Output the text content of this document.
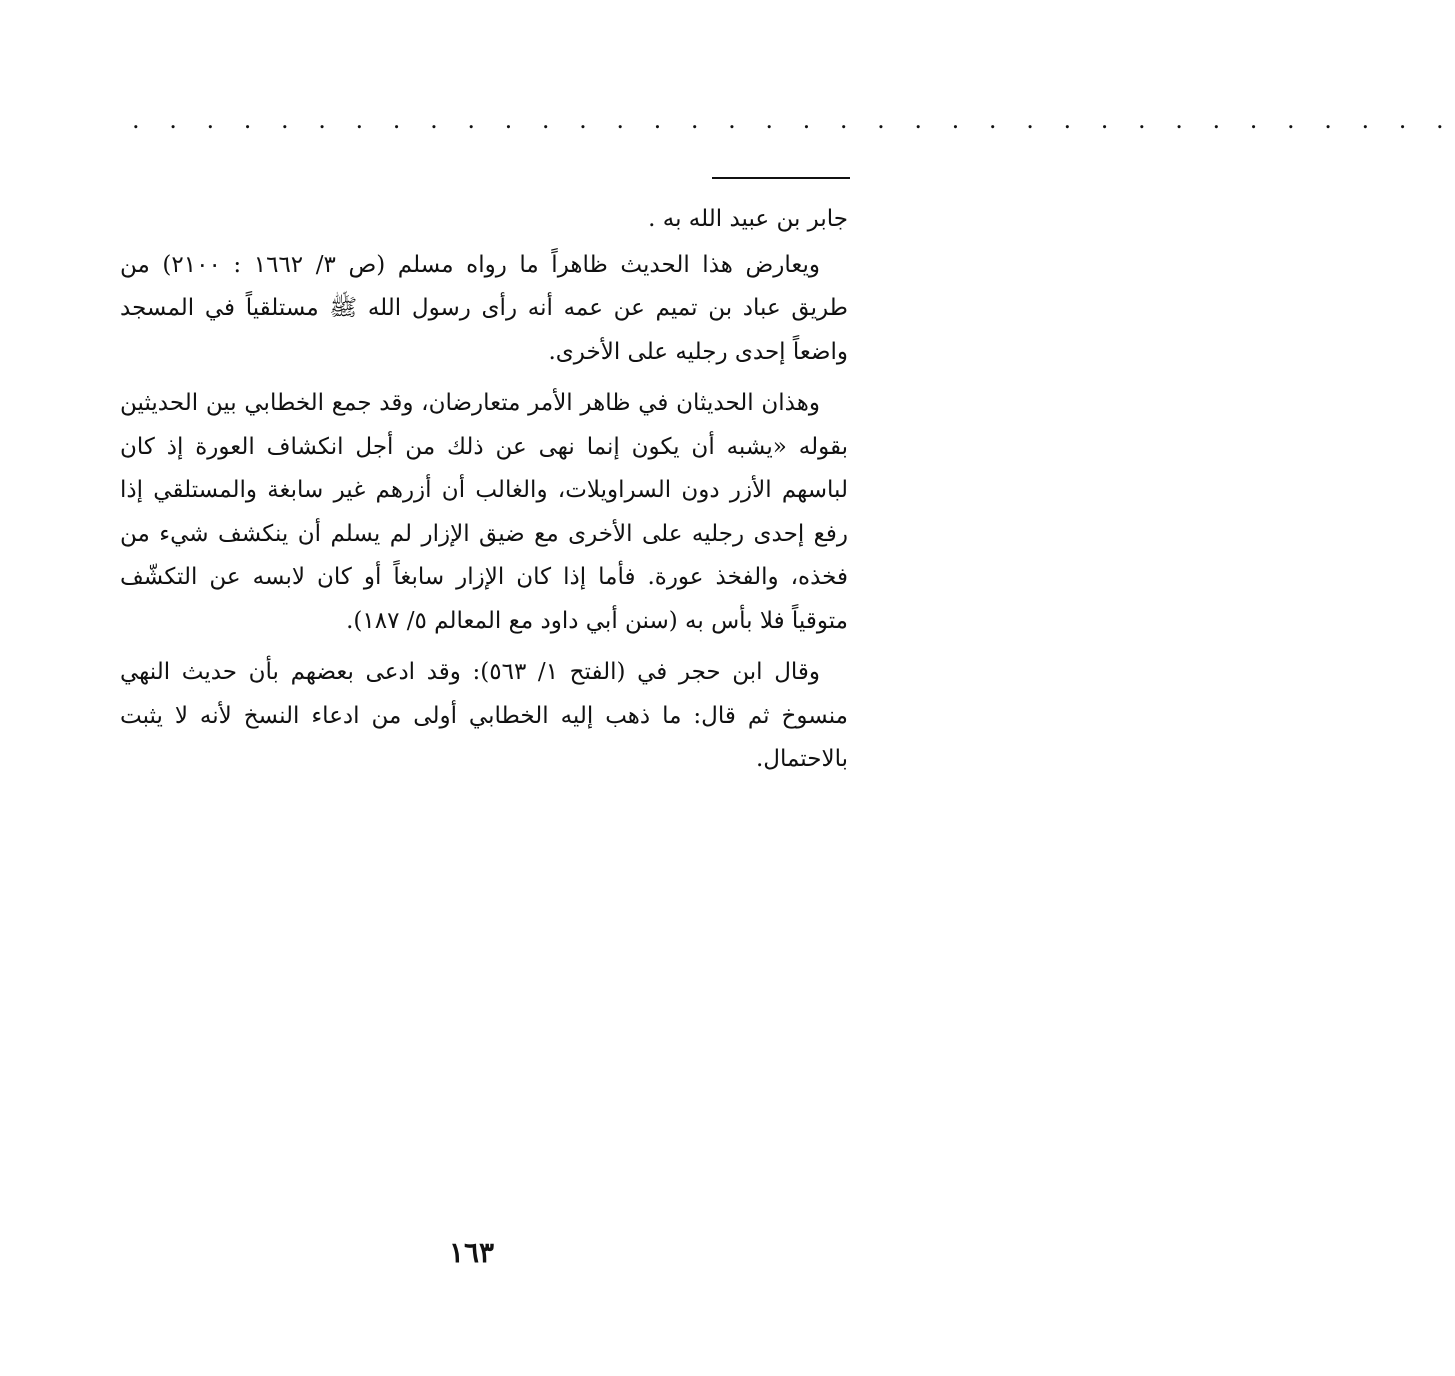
. . . . . . . . . . . . . . . . . . . . . . . . . . . . . . . . . . . .

جابر بن عبيد الله به .

ويعارض هذا الحديث ظاهراً ما رواه مسلم (ص ٣/ ١٦٦٢ : ٢١٠٠) من طريق عباد بن تميم عن عمه أنه رأى رسول الله ﷺ مستلقياً في المسجد واضعاً إحدى رجليه على الأخرى.

وهذان الحديثان في ظاهر الأمر متعارضان، وقد جمع الخطابي بين الحديثين بقوله «يشبه أن يكون إنما نهى عن ذلك من أجل انكشاف العورة إذ كان لباسهم الأزر دون السراويلات، والغالب أن أزرهم غير سابغة والمستلقي إذا رفع إحدى رجليه على الأخرى مع ضيق الإزار لم يسلم أن ينكشف شيء من فخذه، والفخذ عورة. فأما إذا كان الإزار سابغاً أو كان لابسه عن التكشّف متوقياً فلا بأس به (سنن أبي داود مع المعالم ٥/ ١٨٧).

وقال ابن حجر في (الفتح ١/ ٥٦٣): وقد ادعى بعضهم بأن حديث النهي منسوخ ثم قال: ما ذهب إليه الخطابي أولى من ادعاء النسخ لأنه لا يثبت بالاحتمال.

١٦٣
